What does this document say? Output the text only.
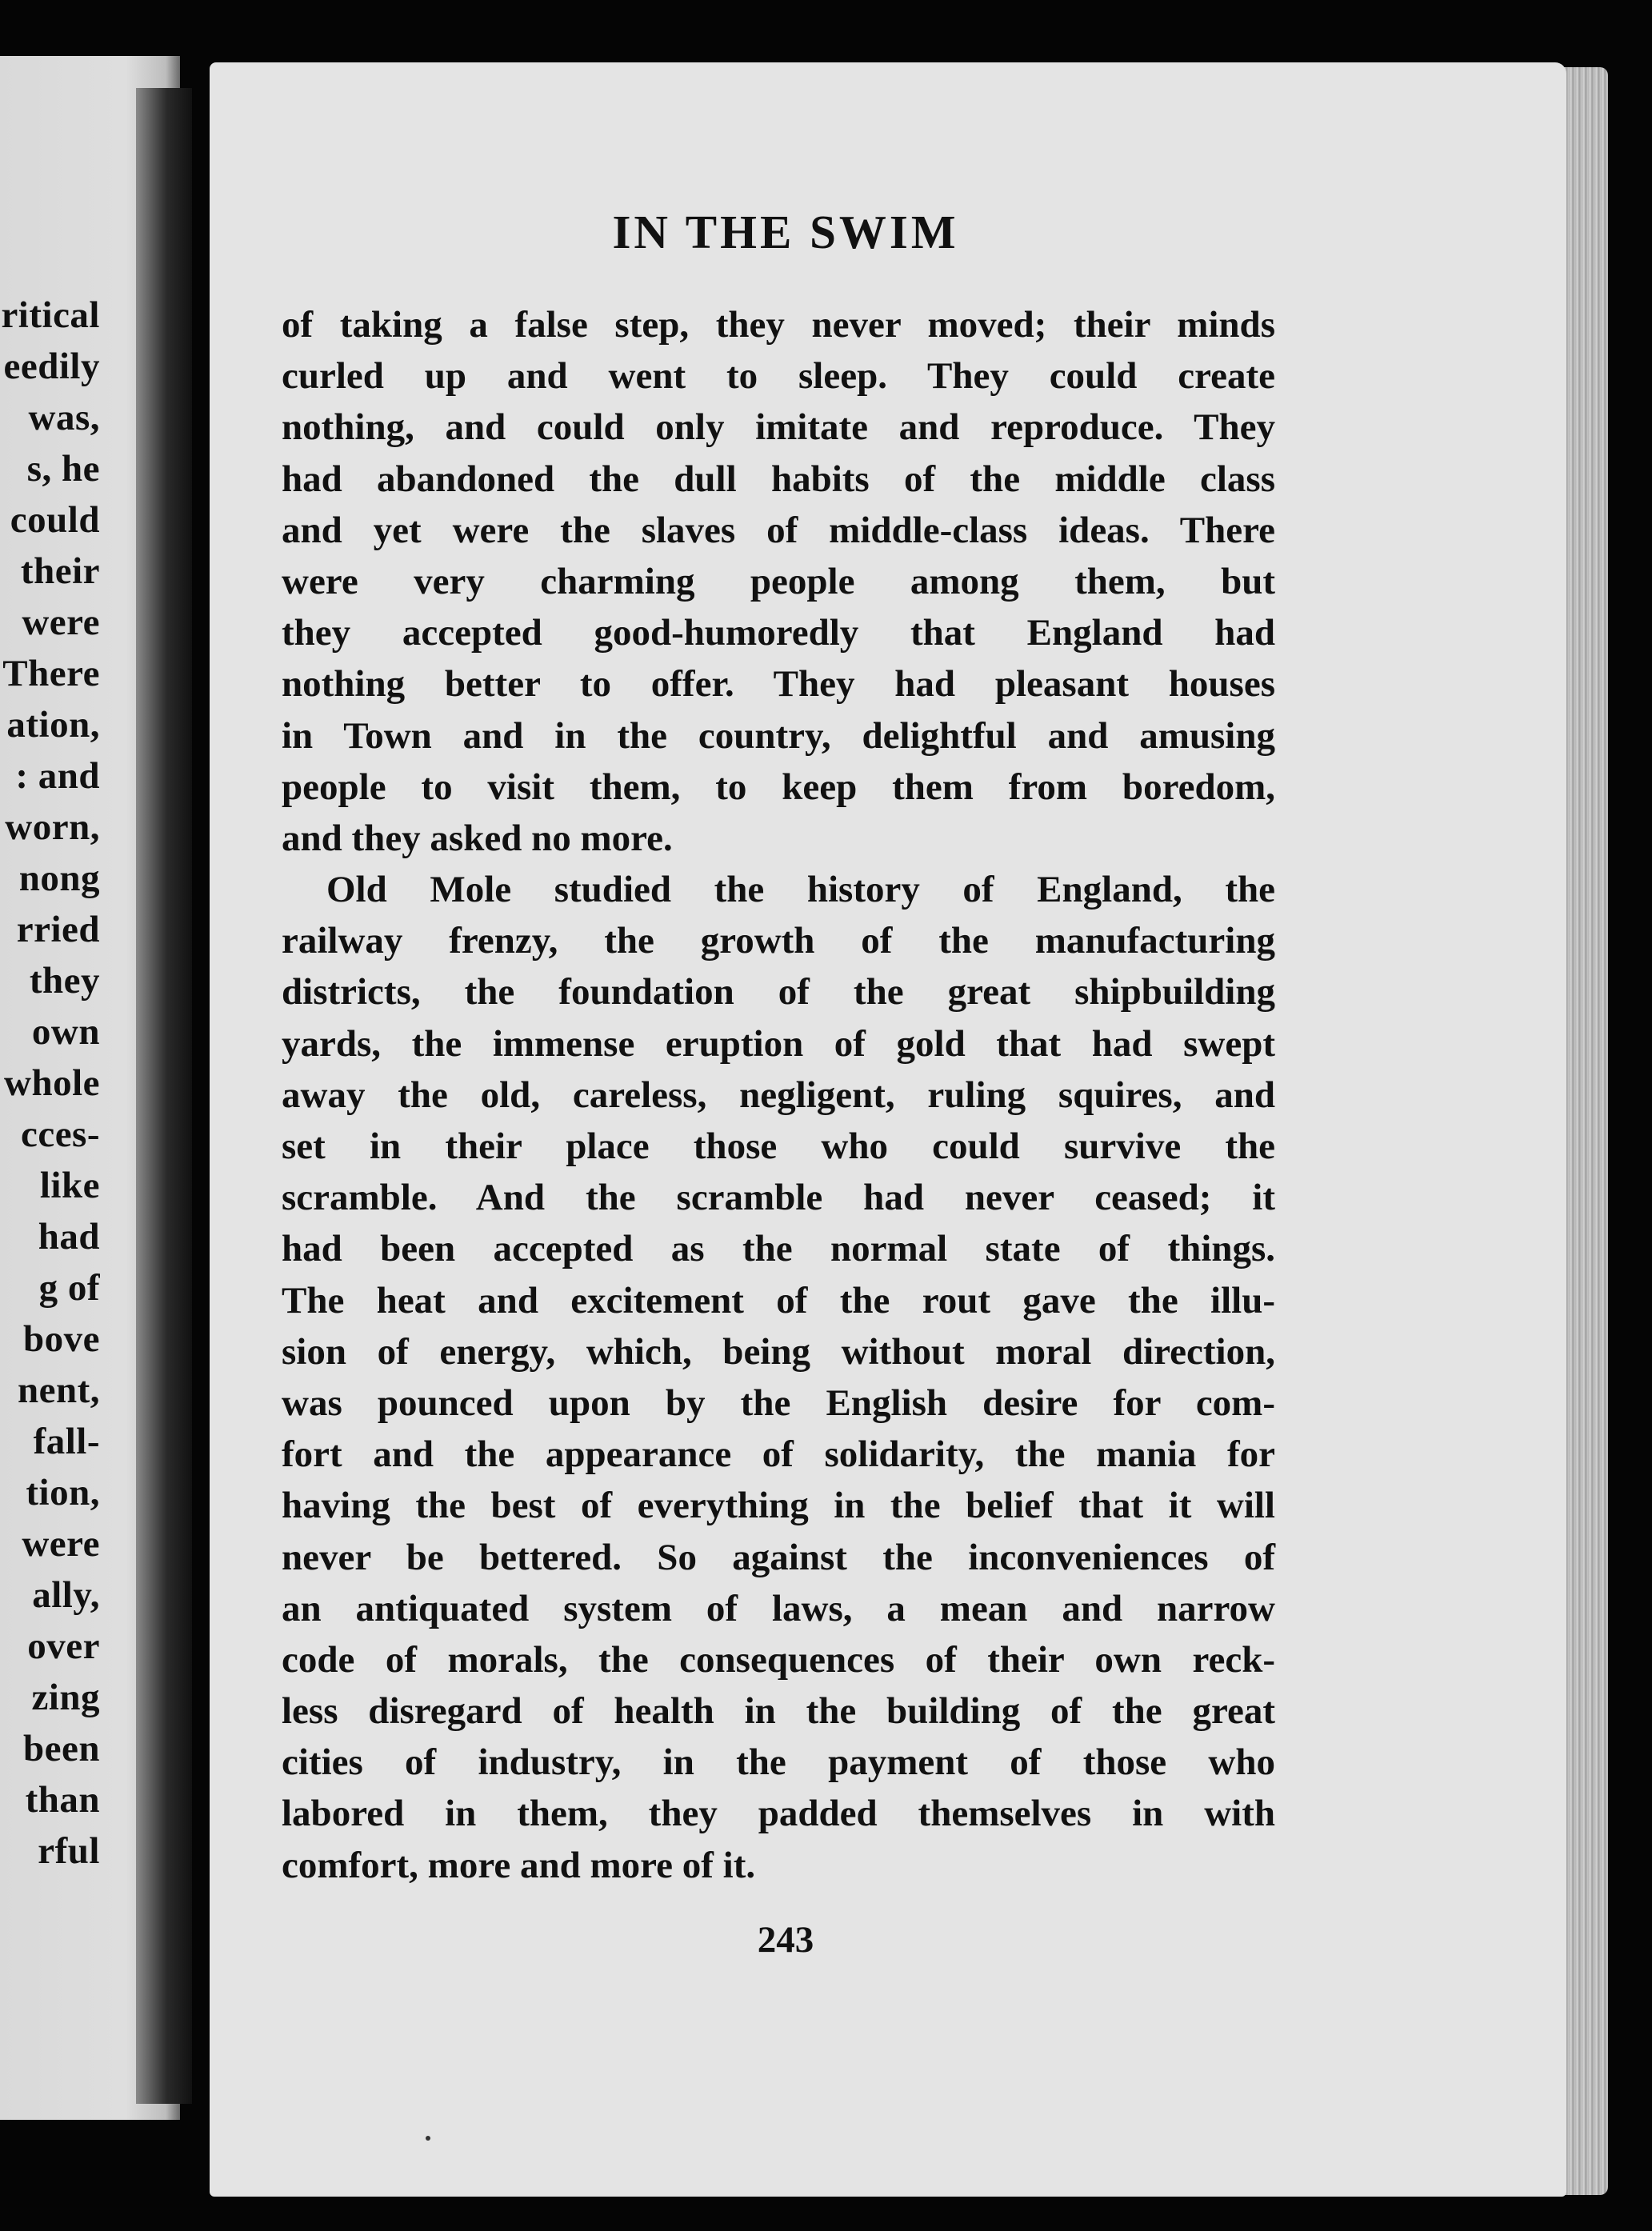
ritical
eedily
was,
s, he
could
their
were
There
ation,
: and
worn,
nong
rried
they
own
whole
cces-
like
had
g of
bove
nent,
fall-
tion,
were
ally,
over
zing
been
than
rful
IN THE SWIM
of taking a false step, they never moved; their minds
curled up and went to sleep. They could create
nothing, and could only imitate and reproduce. They
had abandoned the dull habits of the middle class
and yet were the slaves of middle-class ideas. There
were very charming people among them, but
they accepted good-humoredly that England had
nothing better to offer. They had pleasant houses
in Town and in the country, delightful and amusing
people to visit them, to keep them from boredom,
and they asked no more.
Old Mole studied the history of England, the
railway frenzy, the growth of the manufacturing
districts, the foundation of the great shipbuilding
yards, the immense eruption of gold that had swept
away the old, careless, negligent, ruling squires, and
set in their place those who could survive the
scramble. And the scramble had never ceased; it
had been accepted as the normal state of things.
The heat and excitement of the rout gave the illu-
sion of energy, which, being without moral direction,
was pounced upon by the English desire for com-
fort and the appearance of solidarity, the mania for
having the best of everything in the belief that it will
never be bettered. So against the inconveniences of
an antiquated system of laws, a mean and narrow
code of morals, the consequences of their own reck-
less disregard of health in the building of the great
cities of industry, in the payment of those who
labored in them, they padded themselves in with
comfort, more and more of it.
243
